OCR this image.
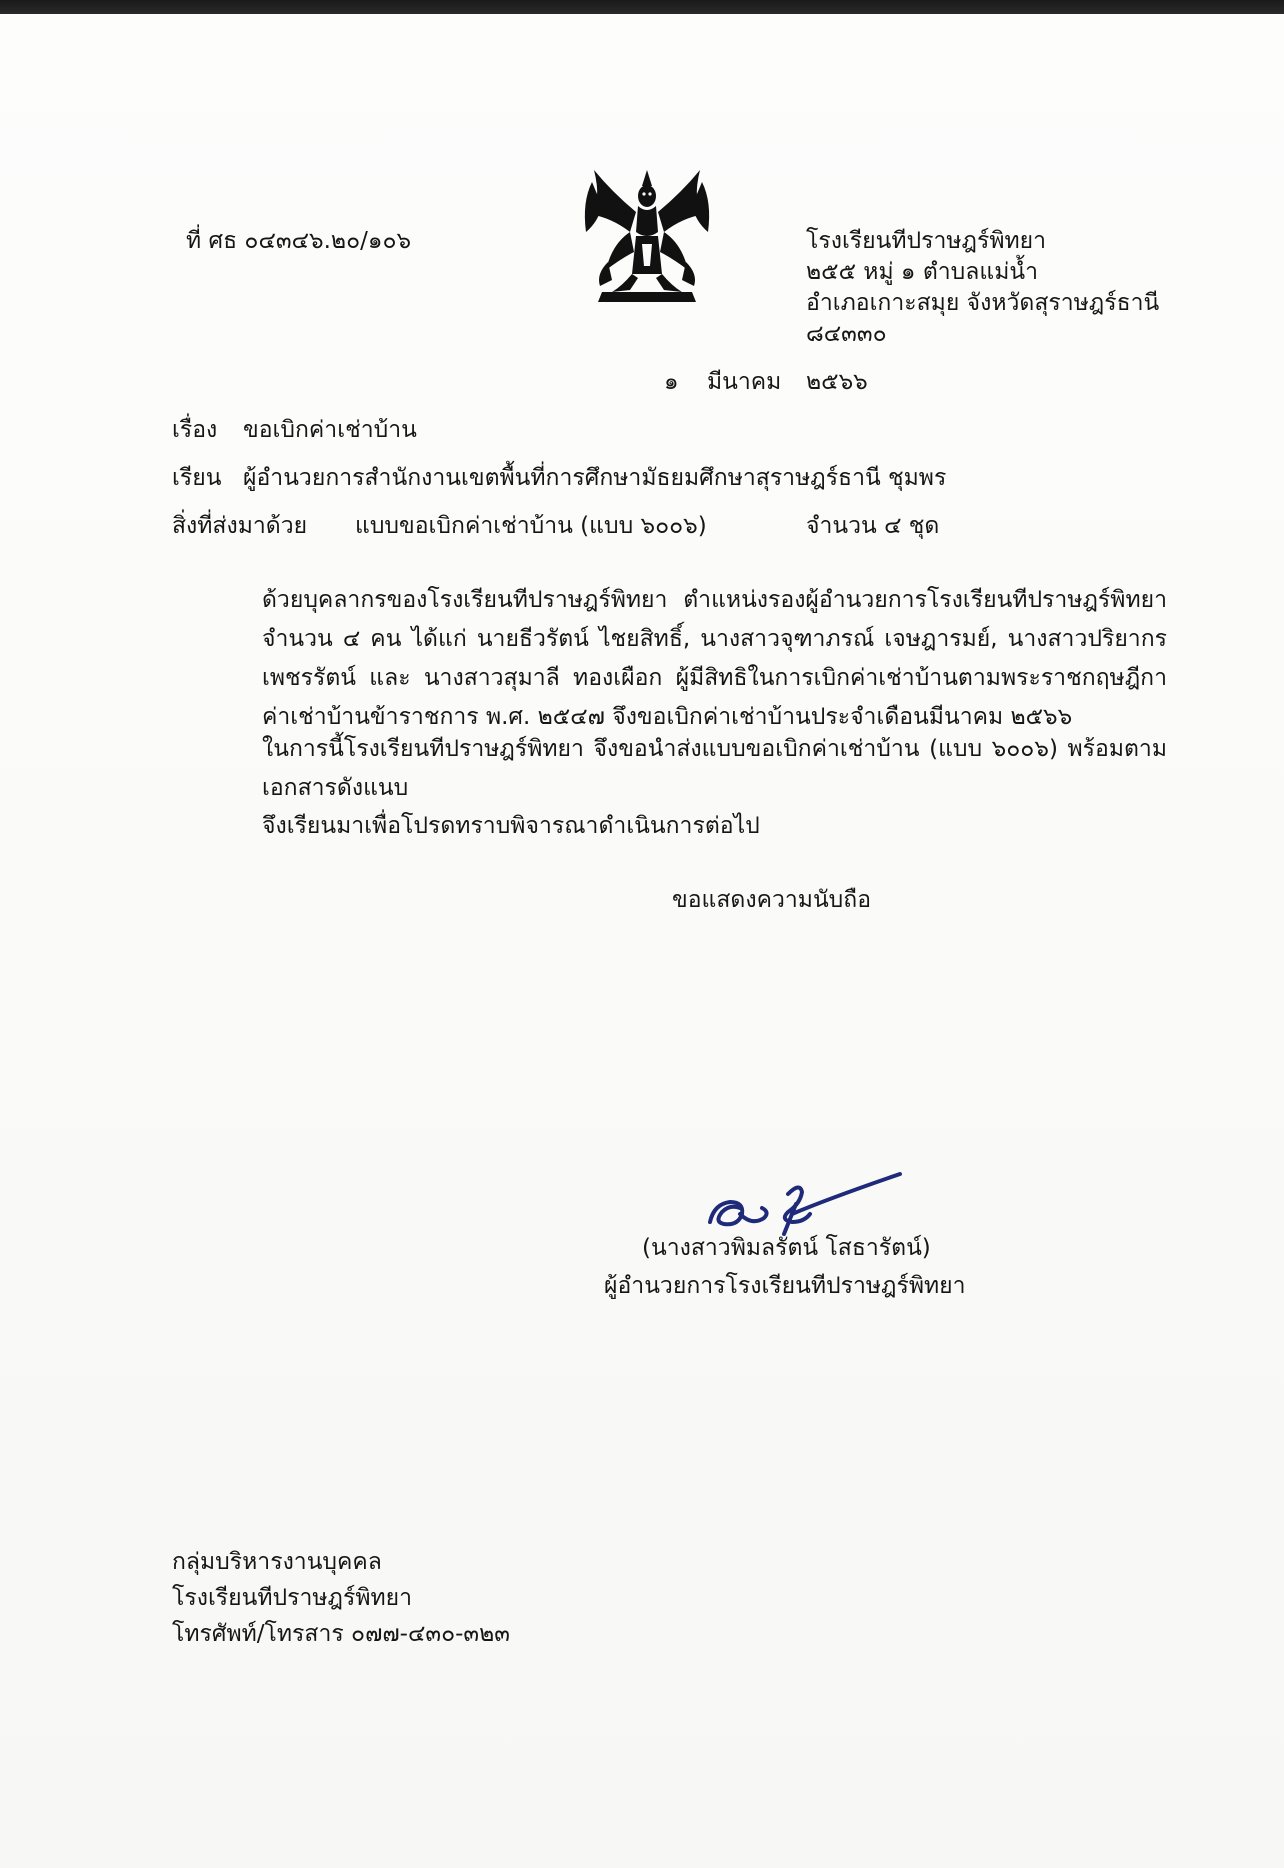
ที่ ศธ ๐๔๓๔๖.๒๐/๑๐๖	โรงเรียนทีปราษฎร์พิทยา
๒๕๕ หมู่ ๑ ตำบลแม่น้ำ
อำเภอเกาะสมุย จังหวัดสุราษฎร์ธานี
๘๔๓๓๐
๑ มีนาคม ๒๕๖๖
เรื่อง ขอเบิกค่าเช่าบ้าน
เรียน ผู้อำนวยการสำนักงานเขตพื้นที่การศึกษามัธยมศึกษาสุราษฎร์ธานี ชุมพร
สิ่งที่ส่งมาด้วย แบบขอเบิกค่าเช่าบ้าน (แบบ ๖๐๐๖)	จำนวน ๔ ชุด
ด้วยบุคลากรของโรงเรียนทีปราษฎร์พิทยา ตำแหน่งรองผู้อำนวยการโรงเรียนทีปราษฎร์พิทยา จำนวน ๔ คน ได้แก่ นายธีวรัตน์ ไชยสิทธิ์, นางสาวจุฑาภรณ์ เจษฎารมย์, นางสาวปริยากร เพชรรัตน์ และ นางสาวสุมาลี ทองเผือก ผู้มีสิทธิในการเบิกค่าเช่าบ้านตามพระราชกฤษฎีกาค่าเช่าบ้านข้าราชการ พ.ศ. ๒๕๔๗ จึงขอเบิกค่าเช่าบ้านประจำเดือนมีนาคม ๒๕๖๖
ในการนี้โรงเรียนทีปราษฎร์พิทยา จึงขอนำส่งแบบขอเบิกค่าเช่าบ้าน (แบบ ๖๐๐๖) พร้อมตาม เอกสารดังแนบ
จึงเรียนมาเพื่อโปรดทราบพิจารณาดำเนินการต่อไป
ขอแสดงความนับถือ
(นางสาวพิมลรัตน์ โสธารัตน์)
ผู้อำนวยการโรงเรียนทีปราษฎร์พิทยา
กลุ่มบริหารงานบุคคล
โรงเรียนทีปราษฎร์พิทยา
โทรศัพท์/โทรสาร ๐๗๗-๔๓๐-๓๒๓
